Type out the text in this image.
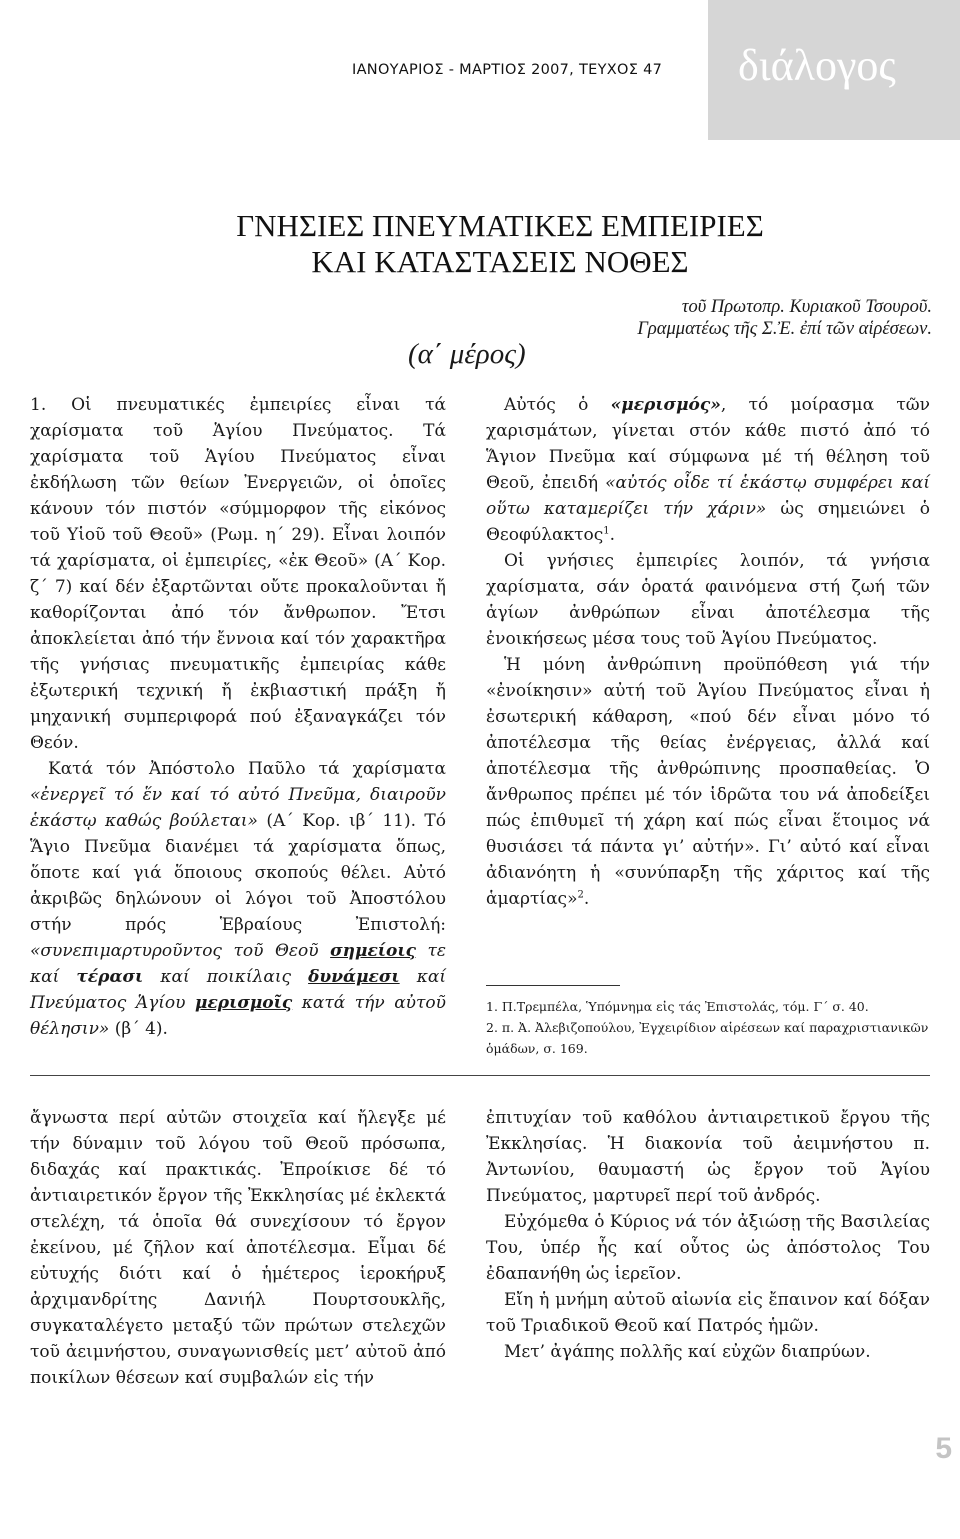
διάλογος
ΙΑΝΟΥΑΡΙΟΣ - ΜΑΡΤΙΟΣ 2007, ΤΕΥΧΟΣ 47
ΓΝΗΣΙΕΣ ΠΝΕΥΜΑΤΙΚΕΣ ΕΜΠΕΙΡΙΕΣ
ΚΑΙ ΚΑΤΑΣΤΑΣΕΙΣ ΝΟΘΕΣ
τοῦ Πρωτοπρ. Κυριακοῦ Τσουροῦ.
Γραμματέως τῆς Σ.Ἐ. ἐπί τῶν αἱρέσεων.
(α΄ μέρος)

1. Οἱ πνευματικές ἐμπειρίες εἶναι τά χαρίσματα τοῦ Ἁγίου Πνεύματος. Τά χαρίσματα τοῦ Ἁγίου Πνεύματος εἶναι ἐκδήλωση τῶν θείων Ἐνεργειῶν, οἱ ὁποῖες κάνουν τόν πιστόν «σύμμορφον τῆς εἰκόνος τοῦ Υἱοῦ τοῦ Θεοῦ» (Ρωμ. η΄ 29). Εἶναι λοιπόν τά χαρίσματα, οἱ ἐμπειρίες, «ἐκ Θεοῦ» (Α΄ Κορ. ζ΄ 7) καί δέν ἐξαρτῶνται οὔτε προκαλοῦνται ἤ καθορίζονται ἀπό τόν ἄνθρωπον. Ἔτσι ἀποκλείεται ἀπό τήν ἔννοια καί τόν χαρακτῆρα τῆς γνήσιας πνευματικῆς ἐμπειρίας κάθε ἐξωτερική τεχνική ἤ ἐκβιαστική πράξη ἤ μηχανική συμπεριφορά πού ἐξαναγκάζει τόν Θεόν.

Κατά τόν Ἀπόστολο Παῦλο τά χαρίσματα «ἐνεργεῖ τό ἕν καί τό αὐτό Πνεῦμα, διαιροῦν ἑκάστῳ καθώς βούλεται» (Α΄ Κορ. ιβ΄ 11). Τό Ἅγιο Πνεῦμα διανέμει τά χαρίσματα ὅπως, ὅποτε καί γιά ὅποιους σκοπούς θέλει. Αὐτό ἀκριβῶς δηλώνουν οἱ λόγοι τοῦ Ἀποστόλου στήν πρός Ἑβραίους Ἐπιστολή: «συνεπιμαρτυροῦντος τοῦ Θεοῦ σημείοις τε καί τέρασι καί ποικίλαις δυνάμεσι καί Πνεύματος Ἁγίου μερισμοῖς κατά τήν αὐτοῦ θέλησιν» (β΄ 4).

Αὐτός ὁ «μερισμός», τό μοίρασμα τῶν χαρισμάτων, γίνεται στόν κάθε πιστό ἀπό τό Ἅγιον Πνεῦμα καί σύμφωνα μέ τή θέληση τοῦ Θεοῦ, ἐπειδή «αὐτός οἶδε τί ἑκάστῳ συμφέρει καί οὕτω καταμερίζει τήν χάριν» ὡς σημειώνει ὁ Θεοφύλακτος$^1$.

Οἱ γνήσιες ἐμπειρίες λοιπόν, τά γνήσια χαρίσματα, σάν ὁρατά φαινόμενα στή ζωή τῶν ἁγίων ἀνθρώπων εἶναι ἀποτέλεσμα τῆς ἐνοικήσεως μέσα τους τοῦ Ἁγίου Πνεύματος.

Ἡ μόνη ἀνθρώπινη προϋπόθεση γιά τήν «ἐνοίκησιν» αὐτή τοῦ Ἁγίου Πνεύματος εἶναι ἡ ἐσωτερική κάθαρση, «πού δέν εἶναι μόνο τό ἀποτέλεσμα τῆς θείας ἐνέργειας, ἀλλά καί ἀποτέλεσμα τῆς ἀνθρώπινης προσπαθείας. Ὁ ἄνθρωπος πρέπει μέ τόν ἱδρῶτα του νά ἀποδείξει πώς ἐπιθυμεῖ τή χάρη καί πώς εἶναι ἕτοιμος νά θυσιάσει τά πάντα γι’ αὐτήν». Γι’ αὐτό καί εἶναι ἀδιανόητη ἡ «συνύπαρξη τῆς χάριτος καί τῆς ἁμαρτίας»$^2$.

1. Π.Τρεμπέλα, Ὑπόμνημα εἰς τάς Ἐπιστολάς, τόμ. Γ΄ σ. 40.
2. π. Ἀ. Ἀλεβιζοπούλου, Ἐγχειρίδιον αἱρέσεων καί παραχριστιανικῶν ὁμάδων, σ. 169.

ἄγνωστα περί αὐτῶν στοιχεῖα καί ἤλεγξε μέ τήν δύναμιν τοῦ λόγου τοῦ Θεοῦ πρόσωπα, διδαχάς καί πρακτικάς. Ἐπροίκισε δέ τό ἀντιαιρετικόν ἔργον τῆς Ἐκκλησίας μέ ἐκλεκτά στελέχη, τά ὁποῖα θά συνεχίσουν τό ἔργον ἐκείνου, μέ ζῆλον καί ἀποτέλεσμα. Εἶμαι δέ εὐτυχής διότι καί ὁ ἡμέτερος ἱεροκήρυξ ἀρχιμανδρίτης Δανιήλ Πουρτσουκλῆς, συγκαταλέγετο μεταξύ τῶν πρώτων στελεχῶν τοῦ ἀειμνήστου, συναγωνισθείς μετ’ αὐτοῦ ἀπό ποικίλων θέσεων καί συμβαλών εἰς τήν

ἐπιτυχίαν τοῦ καθόλου ἀντιαιρετικοῦ ἔργου τῆς Ἐκκλησίας. Ἡ διακονία τοῦ ἀειμνήστου π. Ἀντωνίου, θαυμαστή ὡς ἔργον τοῦ Ἁγίου Πνεύματος, μαρτυρεῖ περί τοῦ ἀνδρός.

Εὐχόμεθα ὁ Κύριος νά τόν ἀξιώσῃ τῆς Βασιλείας Του, ὑπέρ ἧς καί οὗτος ὡς ἀπόστολος Του ἐδαπανήθη ὡς ἱερεῖον.

Εἴη ἡ μνήμη αὐτοῦ αἰωνία εἰς ἔπαινον καί δόξαν τοῦ Τριαδικοῦ Θεοῦ καί Πατρός ἡμῶν.

Μετ’ ἀγάπης πολλῆς καί εὐχῶν διαπρύων.

5
